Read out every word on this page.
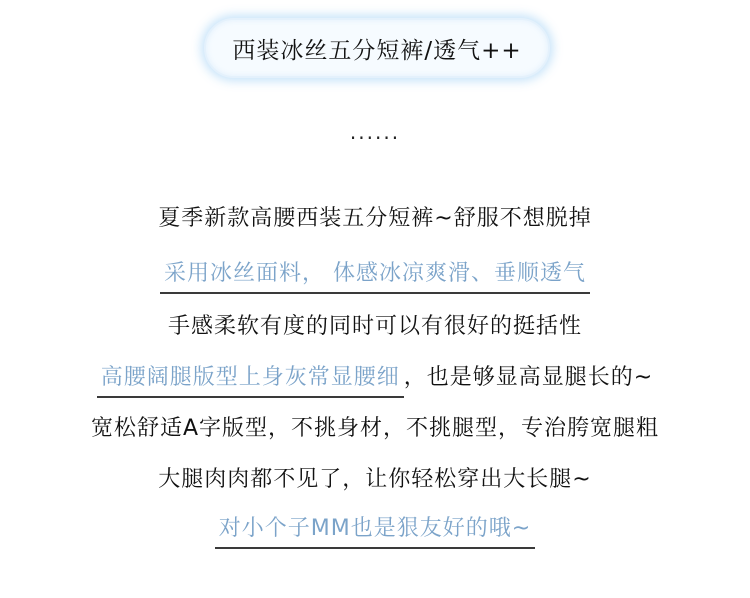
西装冰丝五分短裤/透气++
......
夏季新款高腰西装五分短裤~舒服不想脱掉
采用冰丝面料， 体感冰凉爽滑、垂顺透气
手感柔软有度的同时可以有很好的挺括性
高腰阔腿版型上身灰常显腰细 ，也是够显高显腿长的~
宽松舒适A字版型，不挑身材，不挑腿型，专治胯宽腿粗
大腿肉肉都不见了，让你轻松穿出大长腿~
对小个子MM也是狠友好的哦~
